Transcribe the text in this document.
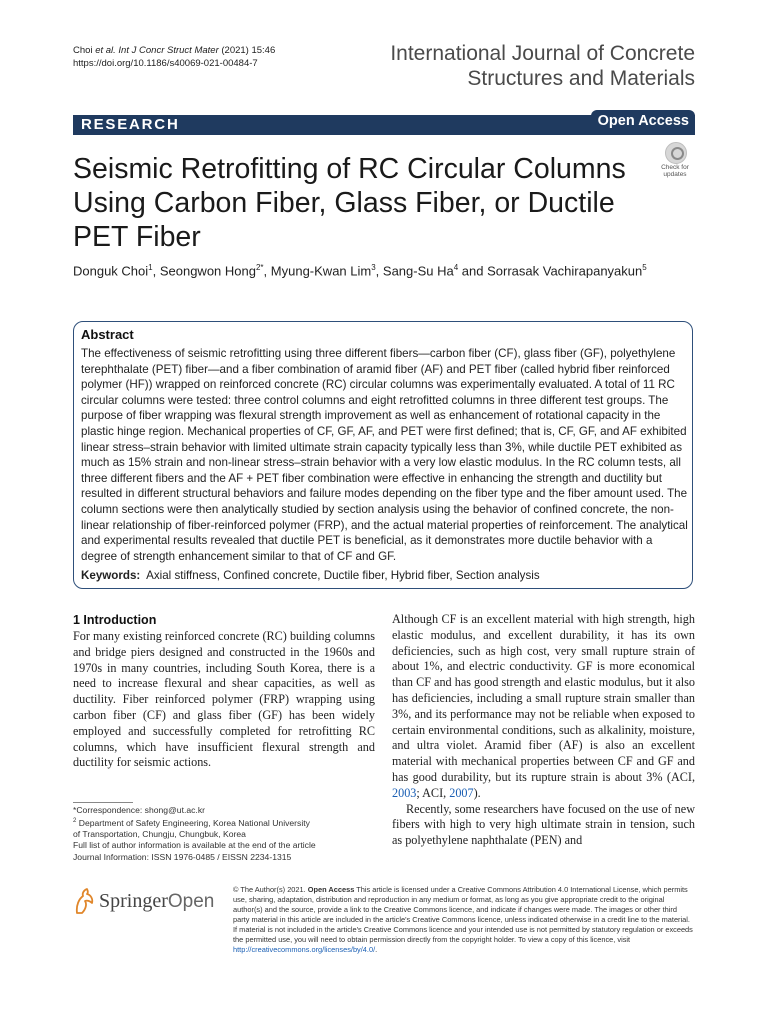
Choi et al. Int J Concr Struct Mater (2021) 15:46
https://doi.org/10.1186/s40069-021-00484-7	International Journal of Concrete
Structures and Materials
RESEARCH	Open Access
Seismic Retrofitting of RC Circular Columns Using Carbon Fiber, Glass Fiber, or Ductile PET Fiber
Check for
updates
Donguk Choi$^1$, Seongwon Hong$^{2*}$, Myung‑Kwan Lim$^3$, Sang‑Su Ha$^4$ and Sorrasak Vachirapanyakun$^5$
Abstract
The effectiveness of seismic retrofitting using three different fibers—carbon fiber (CF), glass fiber (GF), polyethylene terephthalate (PET) fiber—and a fiber combination of aramid fiber (AF) and PET fiber (called hybrid fiber reinforced polymer (HF)) wrapped on reinforced concrete (RC) circular columns was experimentally evaluated. A total of 11 RC circular columns were tested: three control columns and eight retrofitted columns in three different test groups. The purpose of fiber wrapping was flexural strength improvement as well as enhancement of rotational capacity in the plastic hinge region. Mechanical properties of CF, GF, AF, and PET were first defined; that is, CF, GF, and AF exhibited linear stress–strain behavior with limited ultimate strain capacity typically less than 3%, while ductile PET exhibited as much as 15% strain and non-linear stress–strain behavior with a very low elastic modulus. In the RC column tests, all three different fibers and the AF + PET fiber combination were effective in enhancing the strength and ductility but resulted in different structural behaviors and failure modes depending on the fiber type and the fiber amount used. The column sections were then analytically studied by section analysis using the behavior of confined concrete, the non-linear relationship of fiber-reinforced polymer (FRP), and the actual material properties of reinforcement. The analytical and experimental results revealed that ductile PET is beneficial, as it demonstrates more ductile behavior with a degree of strength enhancement similar to that of CF and GF.
Keywords: Axial stiffness, Confined concrete, Ductile fiber, Hybrid fiber, Section analysis
1 Introduction
For many existing reinforced concrete (RC) building columns and bridge piers designed and constructed in the 1960s and 1970s in many countries, including South Korea, there is a need to increase flexural and shear capacities, as well as ductility. Fiber reinforced polymer (FRP) wrapping using carbon fiber (CF) and glass fiber (GF) has been widely employed and successfully completed for retrofitting RC columns, which have insufficient flexural strength and ductility for seismic actions.

Although CF is an excellent material with high strength, high elastic modulus, and excellent durability, it has its own deficiencies, such as high cost, very small rupture strain of about 1%, and electric conductivity. GF is more economical than CF and has good strength and elastic modulus, but it also has deficiencies, including a small rupture strain smaller than 3%, and its performance may not be reliable when exposed to certain environmental conditions, such as alkalinity, moisture, and ultra violet. Aramid fiber (AF) is also an excellent material with mechanical properties between CF and GF and has good durability, but its rupture strain is about 3% (ACI, 2003; ACI, 2007).

Recently, some researchers have focused on the use of new fibers with high to very high ultimate strain in tension, such as polyethylene naphthalate (PEN) and

*Correspondence: shong@ut.ac.kr
$^2$ Department of Safety Engineering, Korea National University
of Transportation, Chungju, Chungbuk, Korea
Full list of author information is available at the end of the article
Journal Information: ISSN 1976-0485 / EISSN 2234-1315
SpringerOpen
© The Author(s) 2021. Open Access This article is licensed under a Creative Commons Attribution 4.0 International License, which permits use, sharing, adaptation, distribution and reproduction in any medium or format, as long as you give appropriate credit to the original author(s) and the source, provide a link to the Creative Commons licence, and indicate if changes were made. The images or other third party material in this article are included in the article's Creative Commons licence, unless indicated otherwise in a credit line to the material. If material is not included in the article's Creative Commons licence and your intended use is not permitted by statutory regulation or exceeds the permitted use, you will need to obtain permission directly from the copyright holder. To view a copy of this licence, visit http://creativecommons.org/licenses/by/4.0/.
